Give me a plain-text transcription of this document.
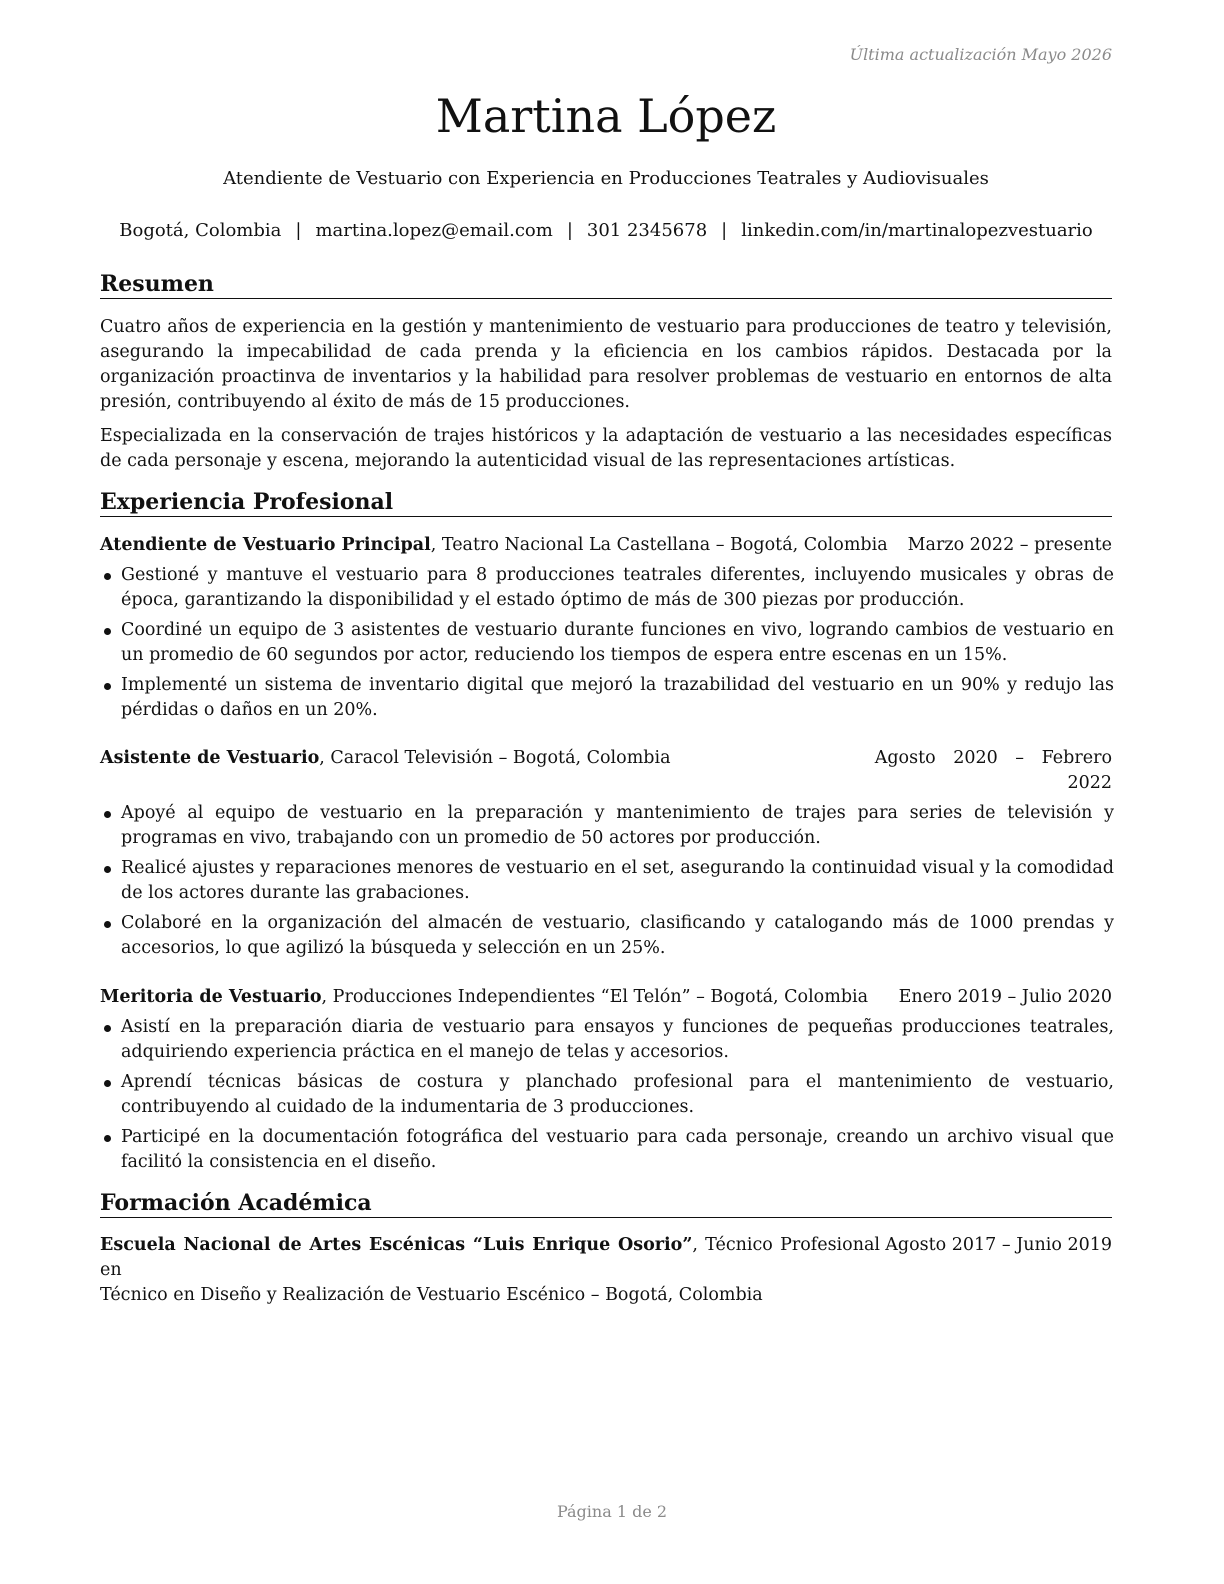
Última actualización Mayo 2026
Martina López
Atendiente de Vestuario con Experiencia en Producciones Teatrales y Audiovisuales
Bogotá, Colombia | martina.lopez@email.com | 301 2345678 | linkedin.com/in/martinalopezvestuario
Resumen

Cuatro años de experiencia en la gestión y mantenimiento de vestuario para producciones de teatro y televisión, asegurando la impecabilidad de cada prenda y la eficiencia en los cambios rápidos. Destacada por la organización proactinva de inventarios y la habilidad para resolver problemas de vestuario en entornos de alta presión, contribuyendo al éxito de más de 15 producciones.

Especializada en la conservación de trajes históricos y la adaptación de vestuario a las necesidades específicas de cada personaje y escena, mejorando la autenticidad visual de las representaciones artísticas.

Experiencia Profesional
Atendiente de Vestuario Principal, Teatro Nacional La Castellana – Bogotá, Colombia Marzo 2022 – presente
Gestioné y mantuve el vestuario para 8 producciones teatrales diferentes, incluyendo musicales y obras de época, garantizando la disponibilidad y el estado óptimo de más de 300 piezas por producción.
Coordiné un equipo de 3 asistentes de vestuario durante funciones en vivo, logrando cambios de vestuario en un promedio de 60 segundos por actor, reduciendo los tiempos de espera entre escenas en un 15%.
Implementé un sistema de inventario digital que mejoró la trazabilidad del vestuario en un 90% y redujo las pérdidas o daños en un 20%.
Asistente de Vestuario, Caracol Televisión – Bogotá, Colombia	Agosto 2020 – Febrero
2022
Apoyé al equipo de vestuario en la preparación y mantenimiento de trajes para series de televisión y programas en vivo, trabajando con un promedio de 50 actores por producción.
Realicé ajustes y reparaciones menores de vestuario en el set, asegurando la continuidad visual y la comodidad de los actores durante las grabaciones.
Colaboré en la organización del almacén de vestuario, clasificando y catalogando más de 1000 prendas y accesorios, lo que agilizó la búsqueda y selección en un 25%.
Meritoria de Vestuario, Producciones Independientes “El Telón” – Bogotá, Colombia Enero 2019 – Julio 2020
Asistí en la preparación diaria de vestuario para ensayos y funciones de pequeñas producciones teatrales, adquiriendo experiencia práctica en el manejo de telas y accesorios.
Aprendí técnicas básicas de costura y planchado profesional para el mantenimiento de vestuario, contribuyendo al cuidado de la indumentaria de 3 producciones.
Participé en la documentación fotográfica del vestuario para cada personaje, creando un archivo visual que facilitó la consistencia en el diseño.
Formación Académica
Escuela Nacional de Artes Escénicas “Luis Enrique Osorio”, Técnico Profesional en
Agosto 2017 – Junio 2019

Técnico en Diseño y Realización de Vestuario Escénico – Bogotá, Colombia
Página 1 de 2
